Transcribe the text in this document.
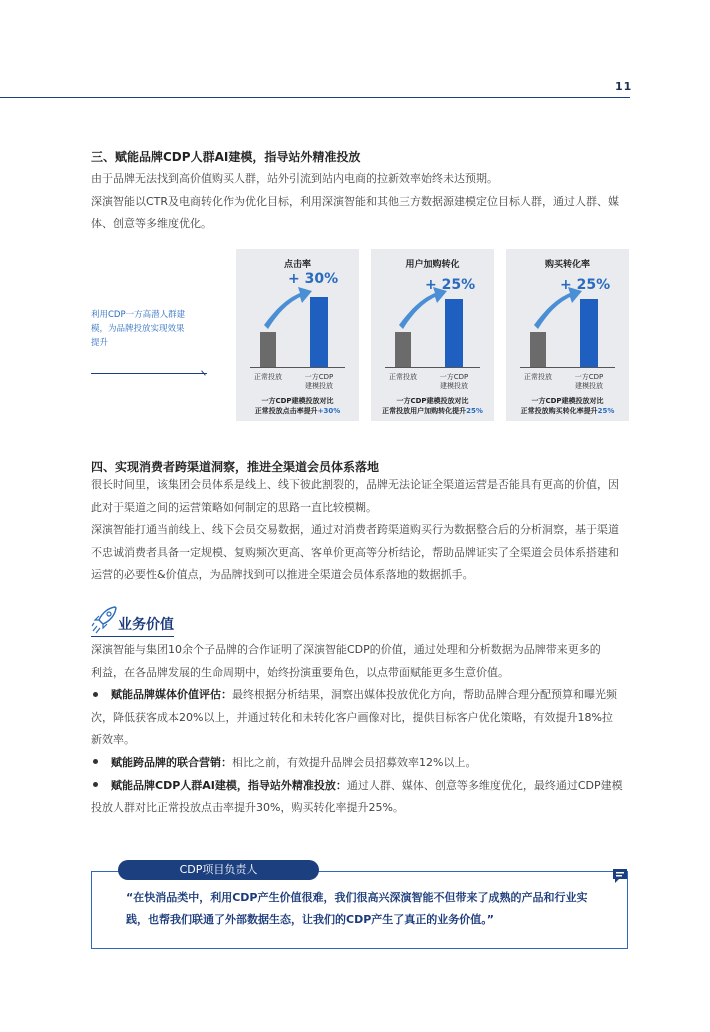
11
三、赋能品牌CDP人群AI建模，指导站外精准投放
由于品牌无法找到高价值购买人群，站外引流到站内电商的拉新效率始终未达预期。
深演智能以CTR及电商转化作为优化目标，利用深演智能和其他三方数据源建模定位目标人群，通过人群、媒
体、创意等多维度优化。
利用CDP一方高潜人群建
模，为品牌投放实现效果
提升
点击率
+ 30%
正常投放	一方CDP
建模投放
一方CDP建模投放对比
正常投放点击率提升+30%
用户加购转化
+ 25%
正常投放	一方CDP
建模投放
一方CDP建模投放对比
正常投放用户加购转化提升25%
购买转化率
+ 25%
正常投放	一方CDP
建模投放
一方CDP建模投放对比
正常投放购买转化率提升25%
四、实现消费者跨渠道洞察，推进全渠道会员体系落地
很长时间里，该集团会员体系是线上、线下彼此割裂的，品牌无法论证全渠道运营是否能具有更高的价值，因
此对于渠道之间的运营策略如何制定的思路一直比较模糊。
深演智能打通当前线上、线下会员交易数据，通过对消费者跨渠道购买行为数据整合后的分析洞察，基于渠道
不忠诚消费者具备一定规模、复购频次更高、客单价更高等分析结论，帮助品牌证实了全渠道会员体系搭建和
运营的必要性&价值点，为品牌找到可以推进全渠道会员体系落地的数据抓手。
业务价值
深演智能与集团10余个子品牌的合作证明了深演智能CDP的价值，通过处理和分析数据为品牌带来更多的
利益，在各品牌发展的生命周期中，始终扮演重要角色，以点带面赋能更多生意价值。
赋能品牌媒体价值评估：最终根据分析结果，洞察出媒体投放优化方向，帮助品牌合理分配预算和曝光频
次，降低获客成本20%以上，并通过转化和未转化客户画像对比，提供目标客户优化策略，有效提升18%拉
新效率。
赋能跨品牌的联合营销：相比之前，有效提升品牌会员招募效率12%以上。
赋能品牌CDP人群AI建模，指导站外精准投放：通过人群、媒体、创意等多维度优化，最终通过CDP建模
投放人群对比正常投放点击率提升30%，购买转化率提升25%。
CDP项目负责人
“在快消品类中，利用CDP产生价值很难，我们很高兴深演智能不但带来了成熟的产品和行业实
践，也帮我们联通了外部数据生态，让我们的CDP产生了真正的业务价值。”
